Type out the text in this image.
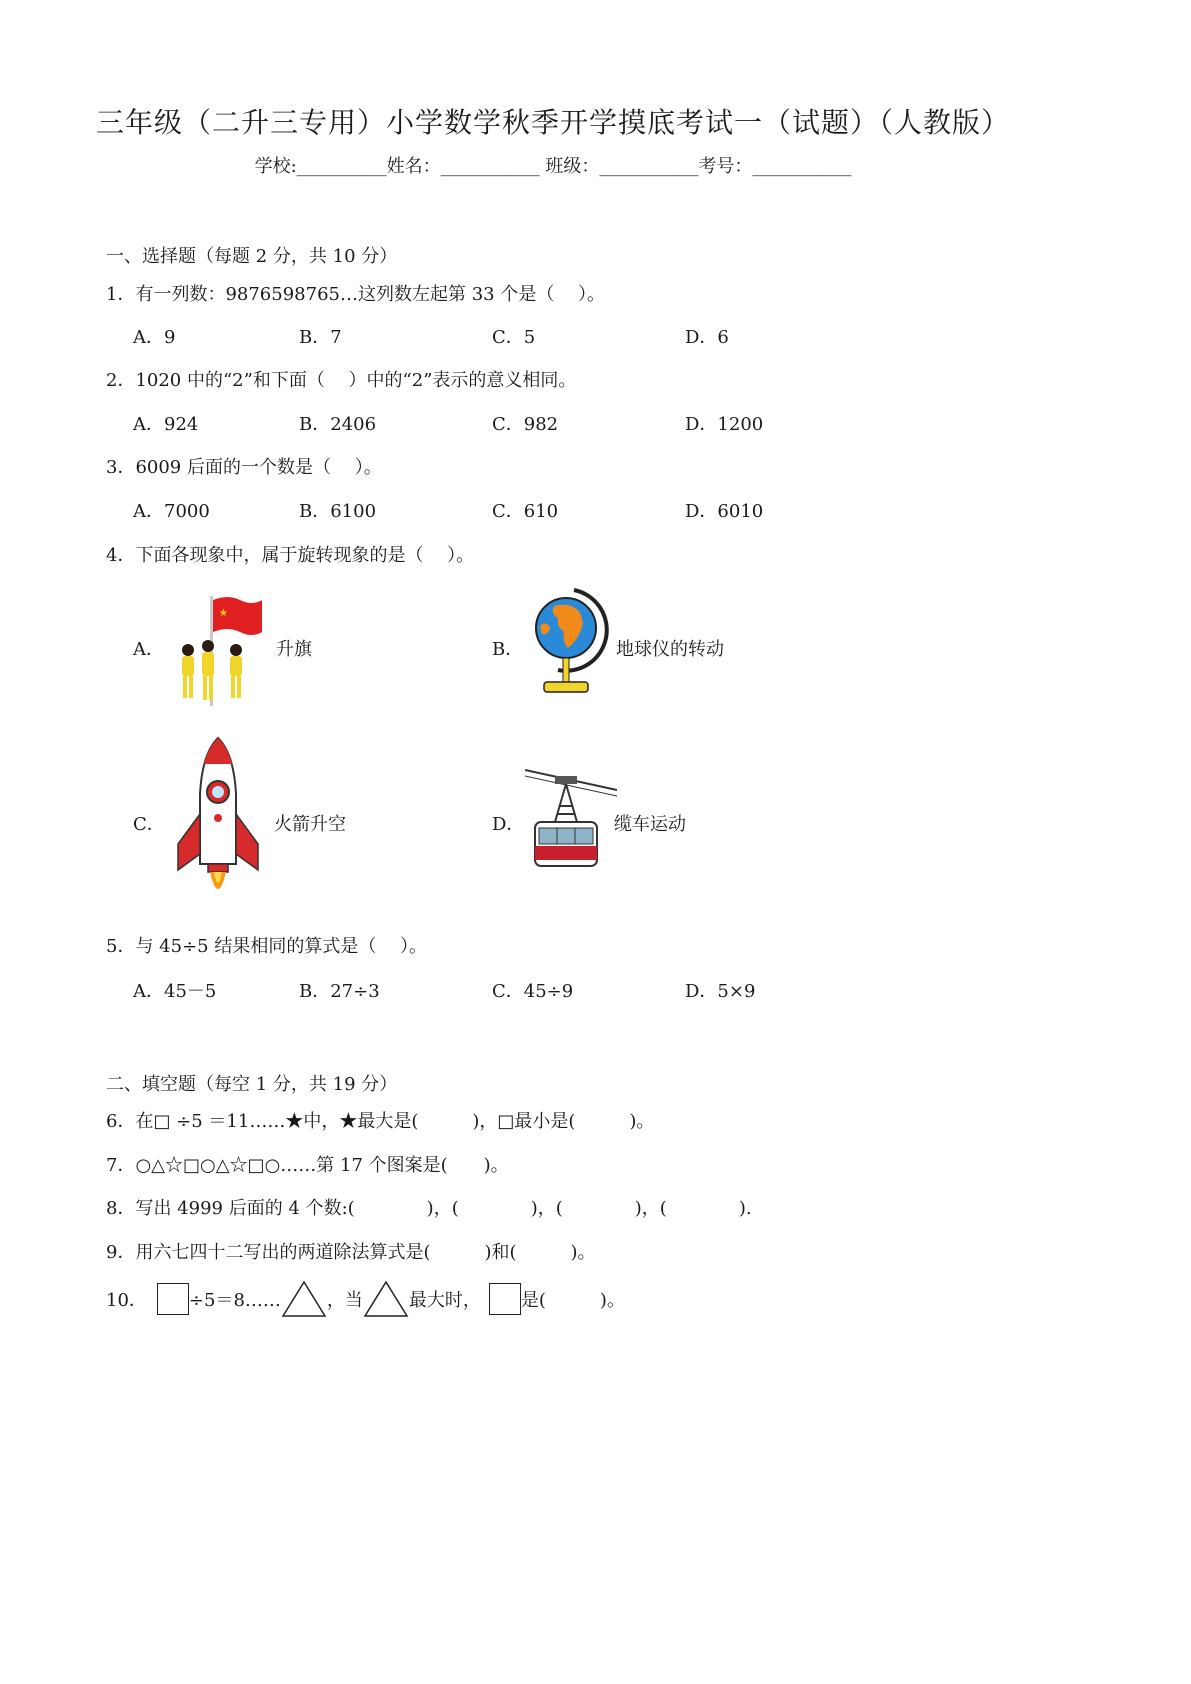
三年级（二升三专用）小学数学秋季开学摸底考试一（试题）（人教版）
学校:__________姓名：___________ 班级：___________考号：___________
一、选择题（每题 2 分，共 10 分）
1．有一列数：9876598765…这列数左起第 33 个是（　 ）。
A．9	B．7	C．5	D．6
2．1020 中的“2”和下面（　 ）中的“2”表示的意义相同。
A．924	B．2406	C．982	D．1200
3．6009 后面的一个数是（　 ）。
A．7000	B．6100	C．610	D．6010
4．下面各现象中，属于旋转现象的是（　 ）。
A．
★
升旗	B．	地球仪的转动
C．	火箭升空	D．	缆车运动
5．与 45÷5 结果相同的算式是（　 ）。
A．45－5	B．27÷3	C．45÷9	D．5×9
二、填空题（每空 1 分，共 19 分）
6．在□ ÷5 ＝11……★中，★最大是(　　　)，□最小是(　　　)。
7．○△☆□○△☆□○……第 17 个图案是(　　)。
8．写出 4999 后面的 4 个数:(　　　　)，(　　　　)，(　　　　)，(　　　　).
9．用六七四十二写出的两道除法算式是(　　　)和(　　　)。
10． ÷5＝8……	，当	最大时， 是(　　　)。
